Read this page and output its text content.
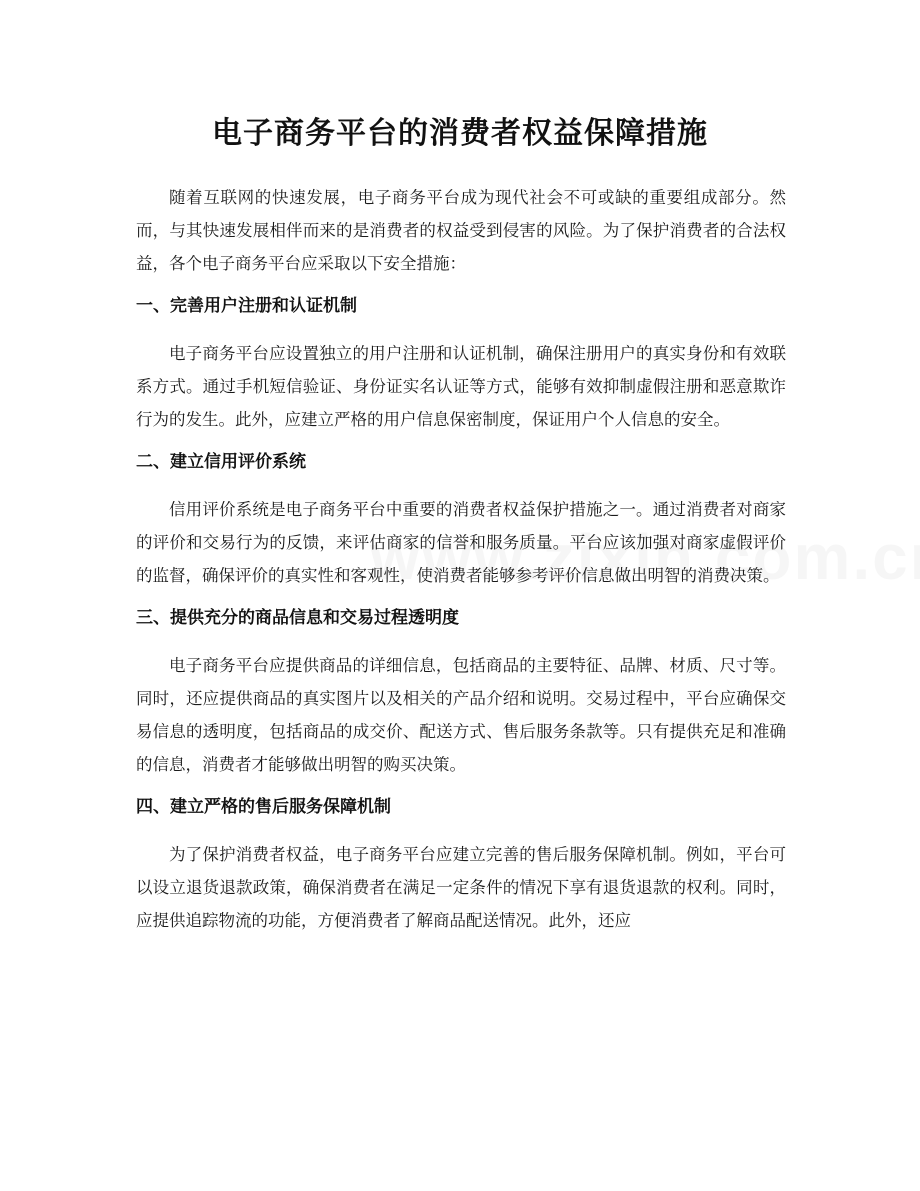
电子商务平台的消费者权益保障措施

随着互联网的快速发展，电子商务平台成为现代社会不可或缺的重要组成部分。然而，与其快速发展相伴而来的是消费者的权益受到侵害的风险。为了保护消费者的合法权益，各个电子商务平台应采取以下安全措施：

一、完善用户注册和认证机制

电子商务平台应设置独立的用户注册和认证机制，确保注册用户的真实身份和有效联系方式。通过手机短信验证、身份证实名认证等方式，能够有效抑制虚假注册和恶意欺诈行为的发生。此外，应建立严格的用户信息保密制度，保证用户个人信息的安全。

二、建立信用评价系统

信用评价系统是电子商务平台中重要的消费者权益保护措施之一。通过消费者对商家的评价和交易行为的反馈，来评估商家的信誉和服务质量。平台应该加强对商家虚假评价的监督，确保评价的真实性和客观性，使消费者能够参考评价信息做出明智的消费决策。

三、提供充分的商品信息和交易过程透明度

电子商务平台应提供商品的详细信息，包括商品的主要特征、品牌、材质、尺寸等。同时，还应提供商品的真实图片以及相关的产品介绍和说明。交易过程中，平台应确保交易信息的透明度，包括商品的成交价、配送方式、售后服务条款等。只有提供充足和准确的信息，消费者才能够做出明智的购买决策。

四、建立严格的售后服务保障机制

为了保护消费者权益，电子商务平台应建立完善的售后服务保障机制。例如，平台可以设立退货退款政策，确保消费者在满足一定条件的情况下享有退货退款的权利。同时，应提供追踪物流的功能，方便消费者了解商品配送情况。此外，还应
